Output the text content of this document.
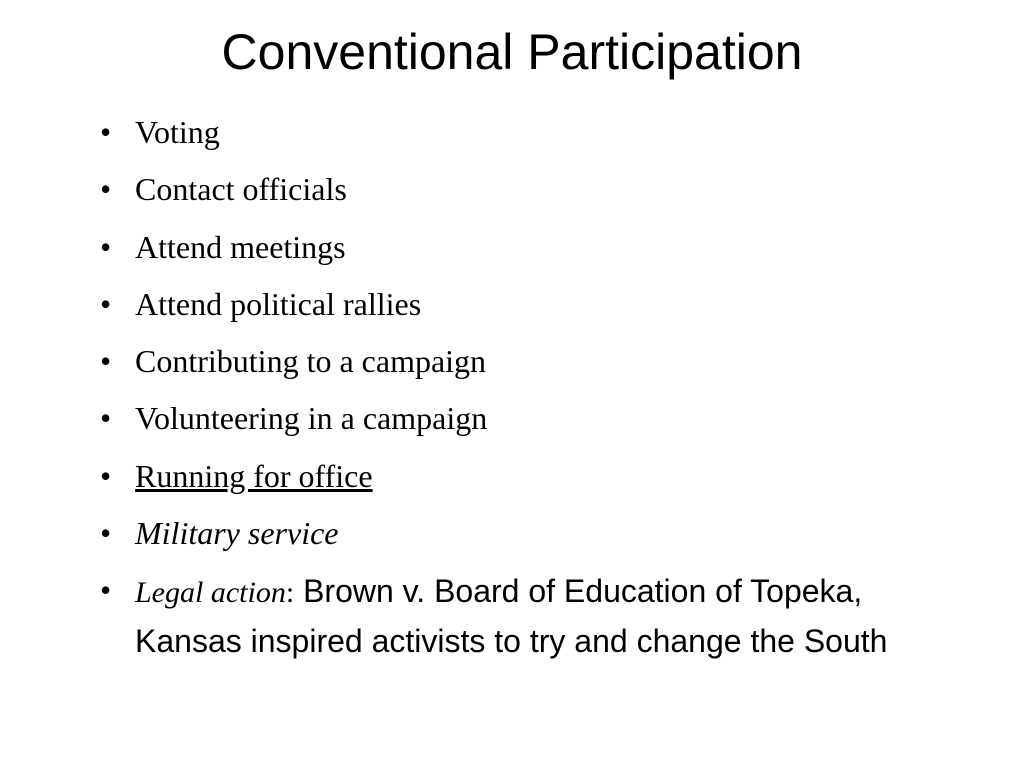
Conventional Participation
• Voting
• Contact officials
• Attend meetings
• Attend political rallies
• Contributing to a campaign
• Volunteering in a campaign
• Running for office
• Military service
• Legal action: Brown v. Board of Education of Topeka, Kansas inspired activists to try and change the South
